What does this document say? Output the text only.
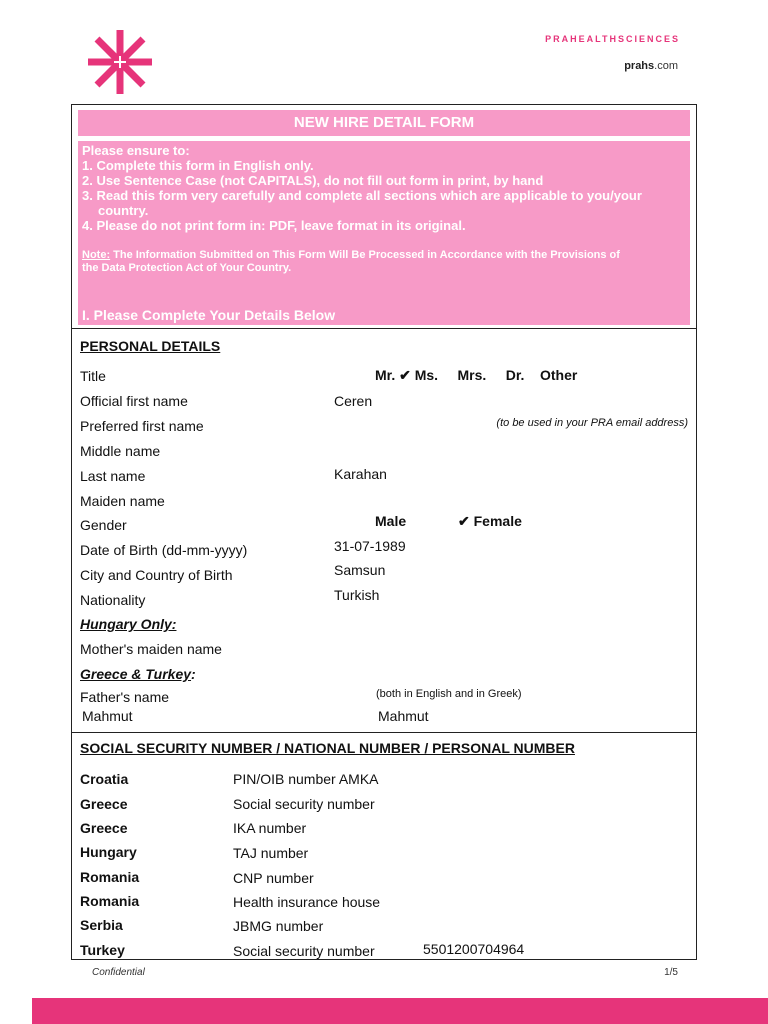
PRAHEALTHSCIENCES
prahs.com
NEW HIRE DETAIL FORM
Please ensure to:
1. Complete this form in English only.
2. Use Sentence Case (not CAPITALS), do not fill out form in print, by hand
3. Read this form very carefully and complete all sections which are applicable to you/your
country.
4. Please do not print form in: PDF, leave format in its original.
Note: The Information Submitted on This Form Will Be Processed in Accordance with the Provisions of
the Data Protection Act of Your Country.
I. Please Complete Your Details Below
PERSONAL DETAILS
Title	Mr. ✔ Ms.     Mrs.     Dr.    Other
Official first name	Ceren
Preferred first name	(to be used in your PRA email address)
Middle name
Last name	Karahan
Maiden name
Gender	Male	✔ Female
Date of Birth (dd-mm-yyyy)	31-07-1989
City and Country of Birth	Samsun
Nationality	Turkish
Hungary Only:
Mother's maiden name
Greece & Turkey:
Father's name	(both in English and in Greek)
Mahmut	Mahmut
SOCIAL SECURITY NUMBER / NATIONAL NUMBER / PERSONAL NUMBER
Croatia	PIN/OIB number AMKA
Greece	Social security number
Greece	IKA number
Hungary	TAJ number
Romania	CNP number
Romania	Health insurance house
Serbia	JBMG number
Turkey	Social security number	5501200704964
Confidential	1/5
